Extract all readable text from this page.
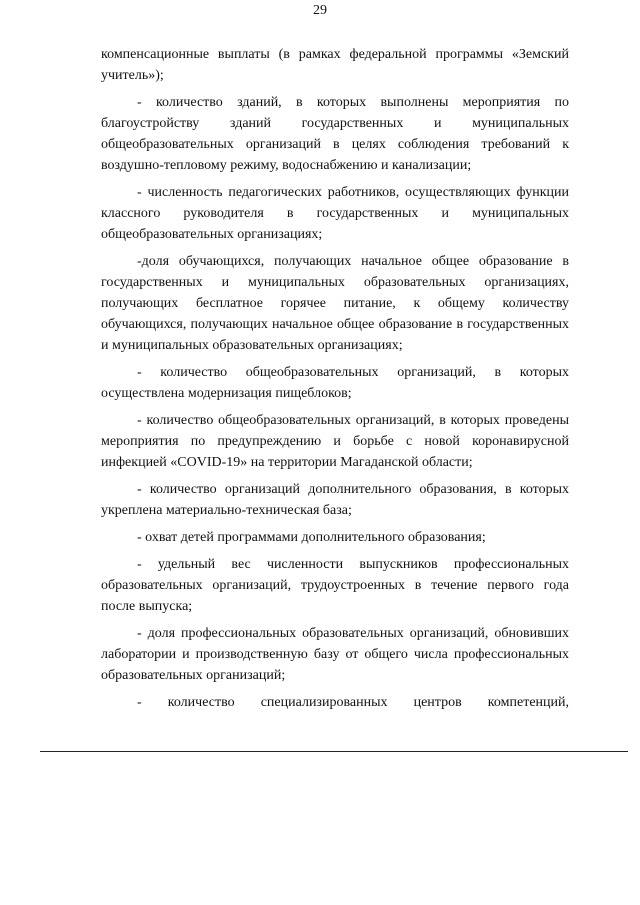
29

компенсационные выплаты (в рамках федеральной программы «Земский учитель»);

- количество зданий, в которых выполнены мероприятия по благоустройству зданий государственных и муниципальных общеобразовательных организаций в целях соблюдения требований к воздушно-тепловому режиму, водоснабжению и канализации;

- численность педагогических работников, осуществляющих функции классного руководителя в государственных и муниципальных общеобразовательных организациях;

-доля обучающихся, получающих начальное общее образование в государственных и муниципальных образовательных организациях, получающих бесплатное горячее питание, к общему количеству обучающихся, получающих начальное общее образование в государственных и муниципальных образовательных организациях;

- количество общеобразовательных организаций, в которых осуществлена модернизация пищеблоков;

- количество общеобразовательных организаций, в которых проведены мероприятия по предупреждению и борьбе с новой коронавирусной инфекцией «COVID-19» на территории Магаданской области;

- количество организаций дополнительного образования, в которых укреплена материально-техническая база;

- охват детей программами дополнительного образования;

- удельный вес численности выпускников профессиональных образовательных организаций, трудоустроенных в течение первого года после выпуска;

- доля профессиональных образовательных организаций, обновивших лаборатории и производственную базу от общего числа профессиональных образовательных организаций;

- количество специализированных центров компетенций,
